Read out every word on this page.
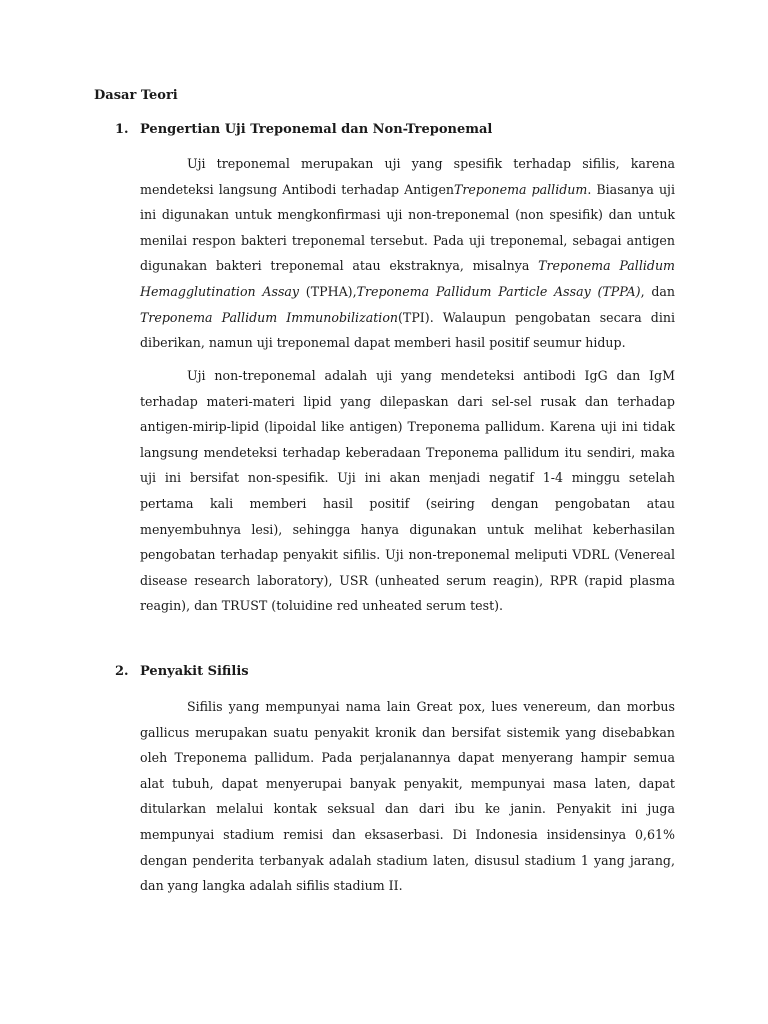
Dasar Teori
1. Pengertian Uji Treponemal dan Non-Treponemal

Uji treponemal merupakan uji yang spesifik terhadap sifilis, karena mendeteksi langsung Antibodi terhadap AntigenTreponema pallidum. Biasanya uji ini digunakan untuk mengkonfirmasi uji non-treponemal (non spesifik) dan untuk menilai respon bakteri treponemal tersebut. Pada uji treponemal, sebagai antigen digunakan bakteri treponemal atau ekstraknya, misalnya Treponema Pallidum Hemagglutination Assay (TPHA),Treponema Pallidum Particle Assay (TPPA), dan Treponema Pallidum Immunobilization(TPI). Walaupun pengobatan secara dini diberikan, namun uji treponemal dapat memberi hasil positif seumur hidup.

Uji non-treponemal adalah uji yang mendeteksi antibodi IgG dan IgM terhadap materi-materi lipid yang dilepaskan dari sel-sel rusak dan terhadap antigen-mirip-lipid (lipoidal like antigen) Treponema pallidum. Karena uji ini tidak langsung mendeteksi terhadap keberadaan Treponema pallidum itu sendiri, maka uji ini bersifat non-spesifik. Uji ini akan menjadi negatif 1-4 minggu setelah pertama kali memberi hasil positif (seiring dengan pengobatan atau menyembuhnya lesi), sehingga hanya digunakan untuk melihat keberhasilan pengobatan terhadap penyakit sifilis. Uji non-treponemal meliputi VDRL (Venereal disease research laboratory), USR (unheated serum reagin), RPR (rapid plasma reagin), dan TRUST (toluidine red unheated serum test).

2. Penyakit Sifilis

Sifilis yang mempunyai nama lain Great pox, lues venereum, dan morbus gallicus merupakan suatu penyakit kronik dan bersifat sistemik yang disebabkan oleh Treponema pallidum. Pada perjalanannya dapat menyerang hampir semua alat tubuh, dapat menyerupai banyak penyakit, mempunyai masa laten, dapat ditularkan melalui kontak seksual dan dari ibu ke janin. Penyakit ini juga mempunyai stadium remisi dan eksaserbasi. Di Indonesia insidensinya 0,61% dengan penderita terbanyak adalah stadium laten, disusul stadium 1 yang jarang, dan yang langka adalah sifilis stadium II.
